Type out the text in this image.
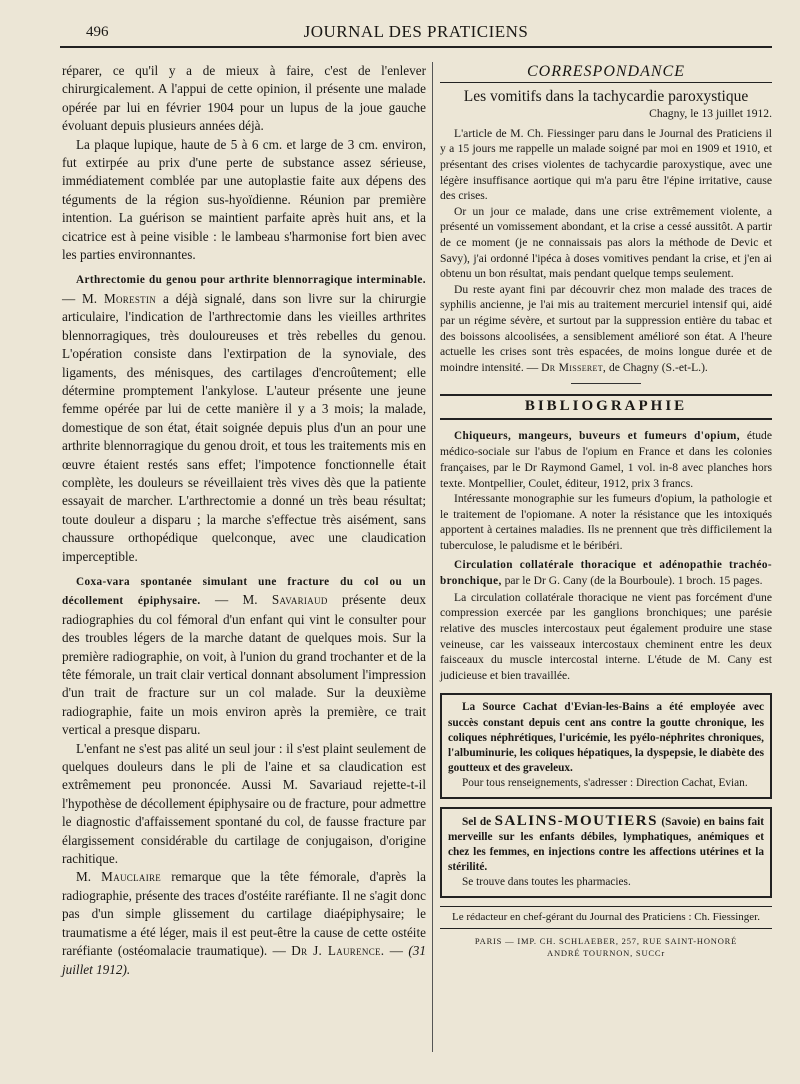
496	JOURNAL DES PRATICIENS

réparer, ce qu'il y a de mieux à faire, c'est de l'enlever chirurgicalement. A l'appui de cette opinion, il présente une malade opérée par lui en février 1904 pour un lupus de la joue gauche évoluant depuis plusieurs années déjà.

La plaque lupique, haute de 5 à 6 cm. et large de 3 cm. environ, fut extirpée au prix d'une perte de substance assez sérieuse, immédiatement comblée par une autoplastie faite aux dépens des téguments de la région sus-hyoïdienne. Réunion par première intention. La guérison se maintient parfaite après huit ans, et la cicatrice est à peine visible : le lambeau s'harmonise fort bien avec les parties environnantes.

Arthrectomie du genou pour arthrite blennorragique interminable. — M. Morestin a déjà signalé, dans son livre sur la chirurgie articulaire, l'indication de l'arthrectomie dans les vieilles arthrites blennorragiques, très douloureuses et très rebelles du genou. L'opération consiste dans l'extirpation de la synoviale, des ligaments, des ménisques, des cartilages d'encroûtement; elle détermine promptement l'ankylose. L'auteur présente une jeune femme opérée par lui de cette manière il y a 3 mois; la malade, domestique de son état, était soignée depuis plus d'un an pour une arthrite blennorragique du genou droit, et tous les traitements mis en œuvre étaient restés sans effet; l'impotence fonctionnelle était complète, les douleurs se réveillaient très vives dès que la patiente essayait de marcher. L'arthrectomie a donné un très beau résultat; toute douleur a disparu ; la marche s'effectue très aisément, sans chaussure orthopédique quelconque, avec une claudication imperceptible.

Coxa-vara spontanée simulant une fracture du col ou un décollement épiphysaire. — M. Savariaud présente deux radiographies du col fémoral d'un enfant qui vint le consulter pour des troubles légers de la marche datant de quelques mois. Sur la première radiographie, on voit, à l'union du grand trochanter et de la tête fémorale, un trait clair vertical donnant absolument l'impression d'un trait de fracture sur un col malade. Sur la deuxième radiographie, faite un mois environ après la première, ce trait vertical a presque disparu.

L'enfant ne s'est pas alité un seul jour : il s'est plaint seulement de quelques douleurs dans le pli de l'aine et sa claudication est extrêmement peu prononcée. Aussi M. Savariaud rejette-t-il l'hypothèse de décollement épiphysaire ou de fracture, pour admettre le diagnostic d'affaissement spontané du col, de fausse fracture par élargissement considérable du cartilage de conjugaison, d'origine rachitique.

M. Mauclaire remarque que la tête fémorale, d'après la radiographie, présente des traces d'ostéite raréfiante. Il ne s'agit donc pas d'un simple glissement du cartilage diaépiphysaire; le traumatisme a été léger, mais il est peut-être la cause de cette ostéite raréfiante (ostéomalacie traumatique). — Dr J. Laurence. — (31 juillet 1912).

CORRESPONDANCE
Les vomitifs dans la tachycardie paroxystique
Chagny, le 13 juillet 1912.

L'article de M. Ch. Fiessinger paru dans le Journal des Praticiens il y a 15 jours me rappelle un malade soigné par moi en 1909 et 1910, et présentant des crises violentes de tachycardie paroxystique, avec une légère insuffisance aortique qui m'a paru être l'épine irritative, cause des crises.

Or un jour ce malade, dans une crise extrêmement violente, a présenté un vomissement abondant, et la crise a cessé aussitôt. A partir de ce moment (je ne connaissais pas alors la méthode de Devic et Savy), j'ai ordonné l'ipéca à doses vomitives pendant la crise, et j'en ai obtenu un bon résultat, mais pendant quelque temps seulement.

Du reste ayant fini par découvrir chez mon malade des traces de syphilis ancienne, je l'ai mis au traitement mercuriel intensif qui, aidé par un régime sévère, et surtout par la suppression entière du tabac et des boissons alcoolisées, a sensiblement amélioré son état. A l'heure actuelle les crises sont très espacées, de moins longue durée et de moindre intensité. — Dr Misseret, de Chagny (S.-et-L.).

BIBLIOGRAPHIE

Chiqueurs, mangeurs, buveurs et fumeurs d'opium, étude médico-sociale sur l'abus de l'opium en France et dans les colonies françaises, par le Dr Raymond Gamel, 1 vol. in-8 avec planches hors texte. Montpellier, Coulet, éditeur, 1912, prix 3 francs.

Intéressante monographie sur les fumeurs d'opium, la pathologie et le traitement de l'opiomane. A noter la résistance que les intoxiqués apportent à certaines maladies. Ils ne prennent que très difficilement la tuberculose, le paludisme et le béribéri.

Circulation collatérale thoracique et adénopathie trachéo-bronchique, par le Dr G. Cany (de la Bourboule). 1 broch. 15 pages.

La circulation collatérale thoracique ne vient pas forcément d'une compression exercée par les ganglions bronchiques; une parésie relative des muscles intercostaux peut également produire une stase veineuse, car les vaisseaux intercostaux cheminent entre les deux faisceaux du muscle intercostal interne. L'étude de M. Cany est judicieuse et bien travaillée.

La Source Cachat d'Evian-les-Bains a été employée avec succès constant depuis cent ans contre la goutte chronique, les coliques néphrétiques, l'uricémie, les pyélo-néphrites chroniques, l'albuminurie, les coliques hépatiques, la dyspepsie, le diabète des goutteux et des graveleux.

Pour tous renseignements, s'adresser : Direction Cachat, Evian.

Sel de SALINS-MOUTIERS (Savoie) en bains fait merveille sur les enfants débiles, lymphatiques, anémiques et chez les femmes, en injections contre les affections utérines et la stérilité.

Se trouve dans toutes les pharmacies.

Le rédacteur en chef-gérant du Journal des Praticiens : Ch. Fiessinger.
PARIS — IMP. CH. SCHLAEBER, 257, RUE SAINT-HONORÉ
ANDRÉ TOURNON, SUCCr
